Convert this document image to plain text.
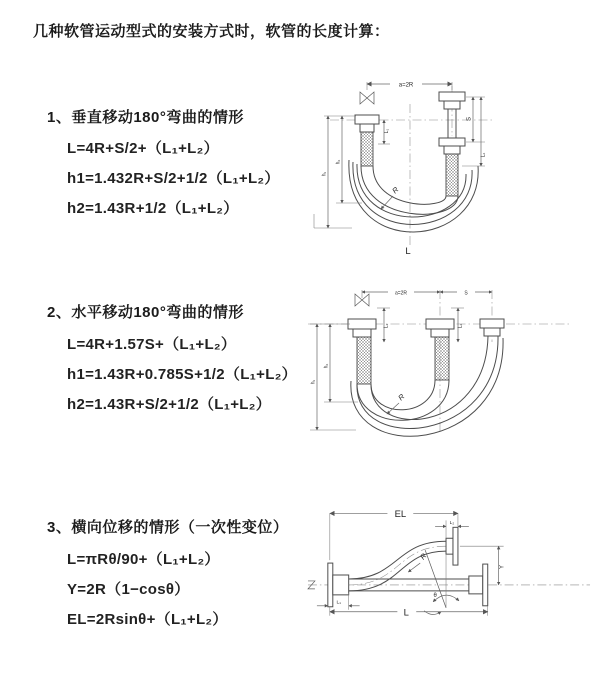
几种软管运动型式的安装方式时，软管的长度计算：
1、垂直移动180°弯曲的情形
L=4R+S/2+（L₁+L₂）
h1=1.432R+S/2+1/2（L₁+L₂）
h2=1.43R+1/2（L₁+L₂）
2、水平移动180°弯曲的情形
L=4R+1.57S+（L₁+L₂）
h1=1.43R+0.785S+1/2（L₁+L₂）
h2=1.43R+S/2+1/2（L₁+L₂）
3、横向位移的情形（一次性变位）
L=πRθ/90+（L₁+L₂）
Y=2R（1−cosθ）
EL=2Rsinθ+（L₁+L₂）
a=2R
S
L₂
L₁
h₂
h₁
R
L
a=2R	S
L₁	L₂
h₂
h₁
R
EL
L₂
Y
L
L₁
R
θ
